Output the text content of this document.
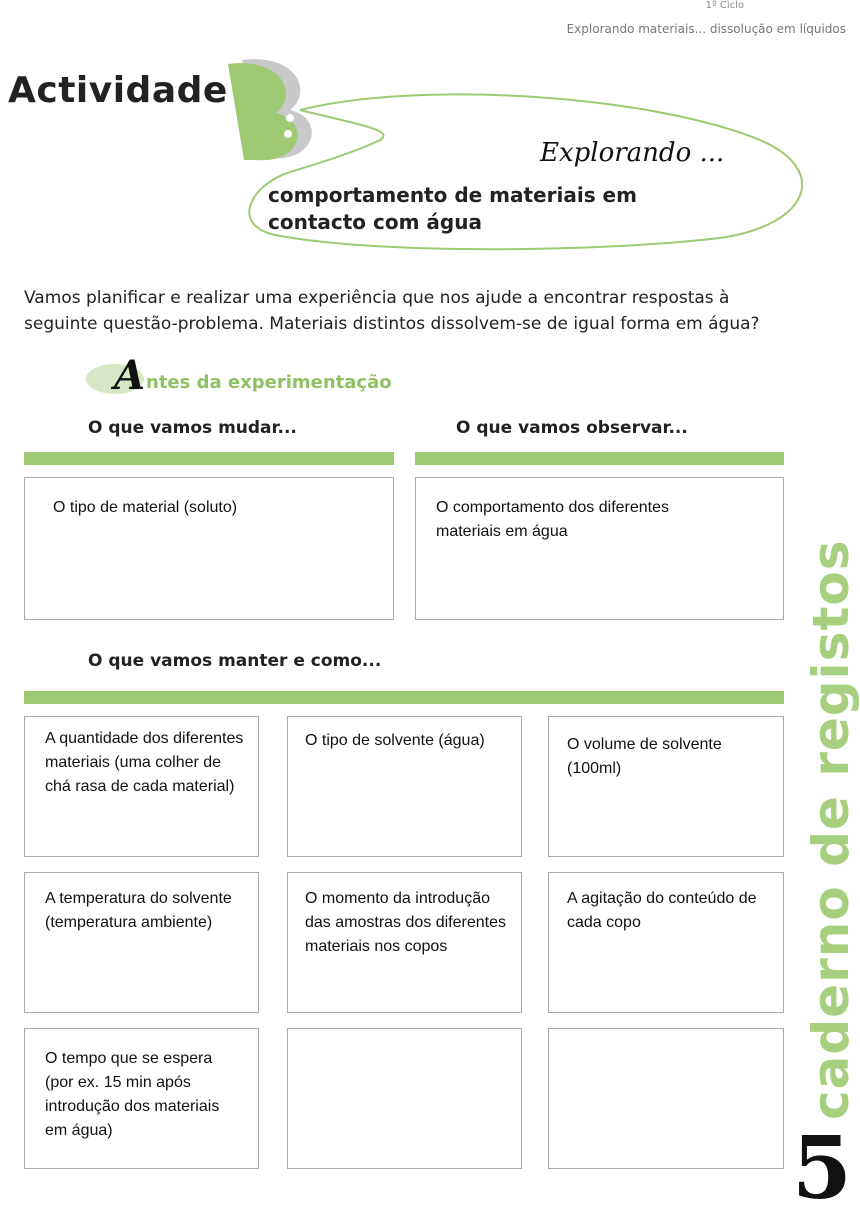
1º Ciclo
Explorando materiais... dissolução em líquidos
Actividade
Explorando ...
comportamento de materiais em contacto com água
Vamos planificar e realizar uma experiência que nos ajude a encontrar respostas à seguinte questão-problema. Materiais distintos dissolvem-se de igual forma em água?
A ntes da experimentação
O que vamos mudar...	O que vamos observar...
O tipo de material (soluto)	O comportamento dos diferentes materiais em água
O que vamos manter e como...
A quantidade dos diferentes materiais (uma colher de chá rasa de cada material)
O tipo de solvente (água)	O volume de solvente (100ml)
A temperatura do solvente (temperatura ambiente)
O momento da introdução das amostras dos diferentes materiais nos copos
A agitação do conteúdo de cada copo
O tempo que se espera (por ex. 15 min após introdução dos materiais em água)
caderno de registos
5
